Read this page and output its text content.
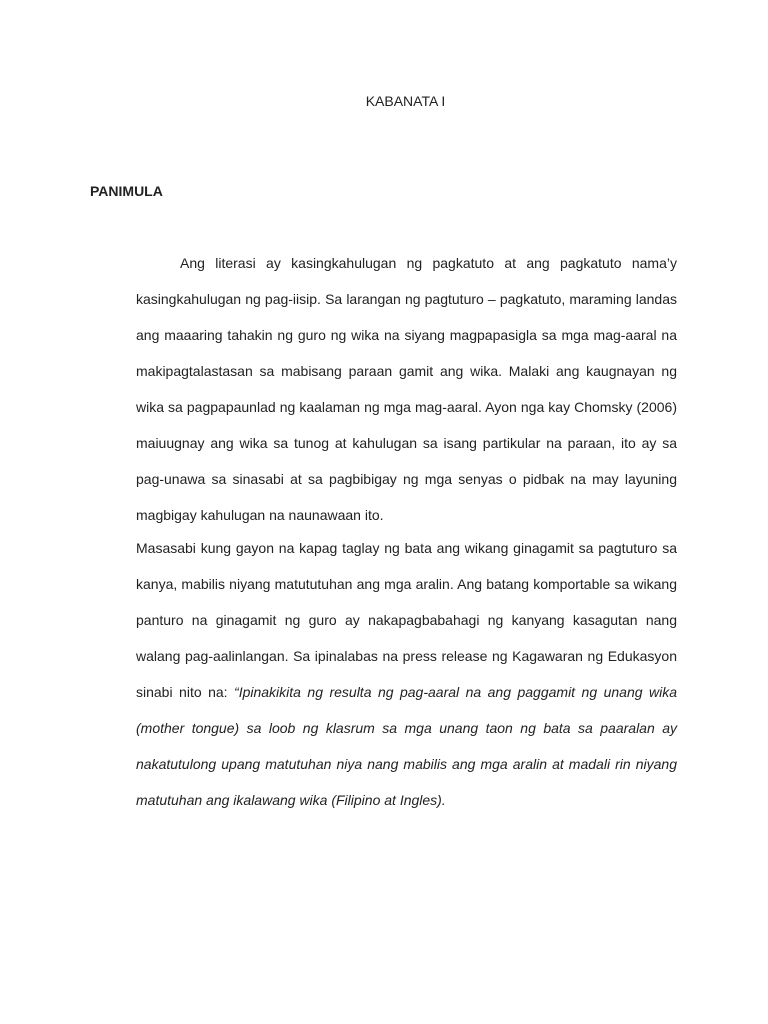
KABANATA I
PANIMULA

Ang literasi ay kasingkahulugan ng pagkatuto at ang pagkatuto nama’y kasingkahulugan ng pag-iisip. Sa larangan ng pagtuturo – pagkatuto, maraming landas ang maaaring tahakin ng guro ng wika na siyang magpapasigla sa mga mag-aaral na makipagtalastasan sa mabisang paraan gamit ang wika. Malaki ang kaugnayan ng wika sa pagpapaunlad ng kaalaman ng mga mag-aaral. Ayon nga kay Chomsky (2006) maiuugnay ang wika sa tunog at kahulugan sa isang partikular na paraan, ito ay sa pag-unawa sa sinasabi at sa pagbibigay ng mga senyas o pidbak na may layuning magbigay kahulugan na naunawaan ito.

Masasabi kung gayon na kapag taglay ng bata ang wikang ginagamit sa pagtuturo sa kanya, mabilis niyang matututuhan ang mga aralin. Ang batang komportable sa wikang panturo na ginagamit ng guro ay nakapagbabahagi ng kanyang kasagutan nang walang pag-aalinlangan. Sa ipinalabas na press release ng Kagawaran ng Edukasyon sinabi nito na: “Ipinakikita ng resulta ng pag-aaral na ang paggamit ng unang wika (mother tongue) sa loob ng klasrum sa mga unang taon ng bata sa paaralan ay nakatutulong upang matutuhan niya nang mabilis ang mga aralin at madali rin niyang matutuhan ang ikalawang wika (Filipino at Ingles).
